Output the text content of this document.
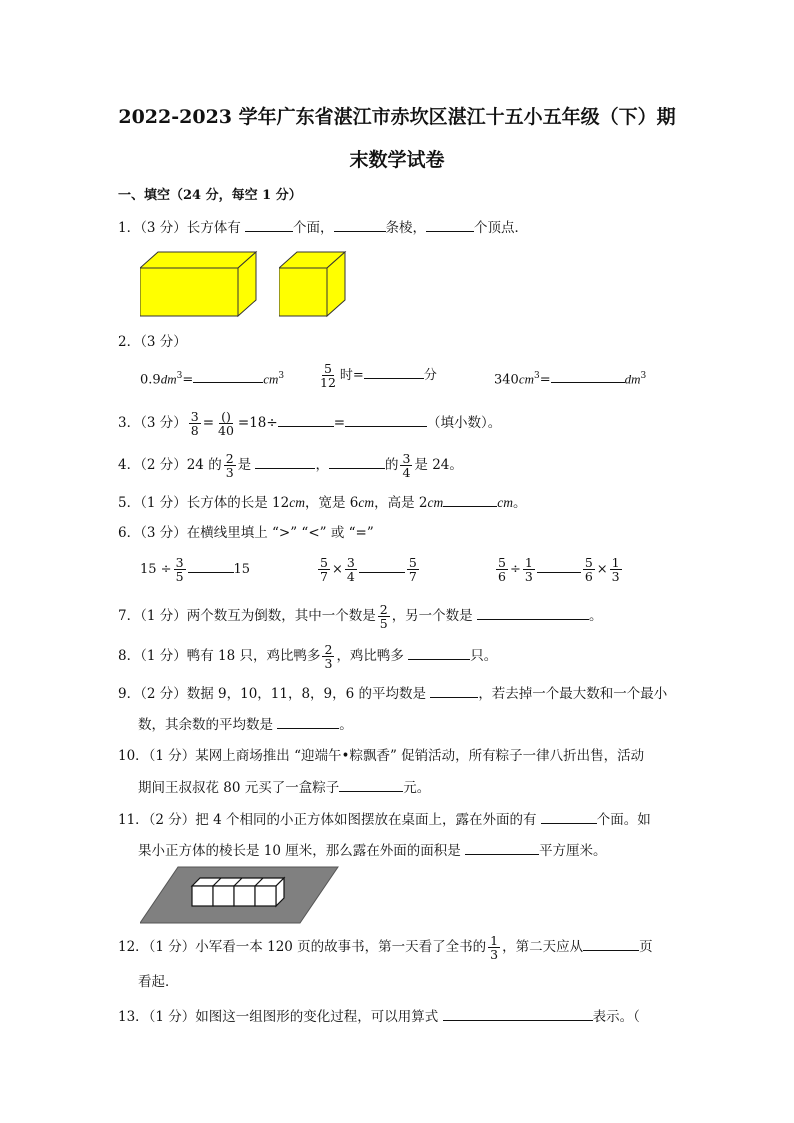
2022-2023 学年广东省湛江市赤坎区湛江十五小五年级（下）期
末数学试卷
一、填空（24 分，每空 1 分）
1．（3 分）长方体有	个面，	条棱，	个顶点．
2．（3 分）
$0.9dm^3=$	$cm^3$	$\frac{5}{12}$ 时=	分	$340cm^3=$	$dm^3$
3．（3 分） $\frac{3}{8} = \frac{()}{40} =18\div$	=	（填小数）。
4．（2 分）24 的 $\frac{2}{3}$ 是	，	的 $\frac{3}{4}$ 是 24。
5．（1 分）长方体的长是 12cm，宽是 6cm，高是 2cm	cm。
6．（3 分）在横线里填上 “>” “<” 或 “=”
$15 \div \frac{3}{5}$	15	$\frac{5}{7} \times \frac{3}{4}$	$\frac{5}{7}$	$\frac{5}{6} \div \frac{1}{3}$	$\frac{5}{6} \times \frac{1}{3}$
7．（1 分）两个数互为倒数，其中一个数是 $\frac{2}{5}$ ，另一个数是	。
8．（1 分）鸭有 18 只，鸡比鸭多 $\frac{2}{3}$ ，鸡比鸭多	只。
9．（2 分）数据 9，10，11，8，9，6 的平均数是	，若去掉一个最大数和一个最小
数，其余数的平均数是	。
10．（1 分）某网上商场推出 “迎端午•粽飘香” 促销活动，所有粽子一律八折出售，活动
期间王叔叔花 80 元买了一盒粽子	元。
11．（2 分）把 4 个相同的小正方体如图摆放在桌面上，露在外面的有	个面。如
果小正方体的棱长是 10 厘米，那么露在外面的面积是	平方厘米。
12．（1 分）小军看一本 120 页的故事书，第一天看了全书的 $\frac{1}{3}$ ，第二天应从	页
看起．
13．（1 分）如图这一组图形的变化过程，可以用算式	表示。（
